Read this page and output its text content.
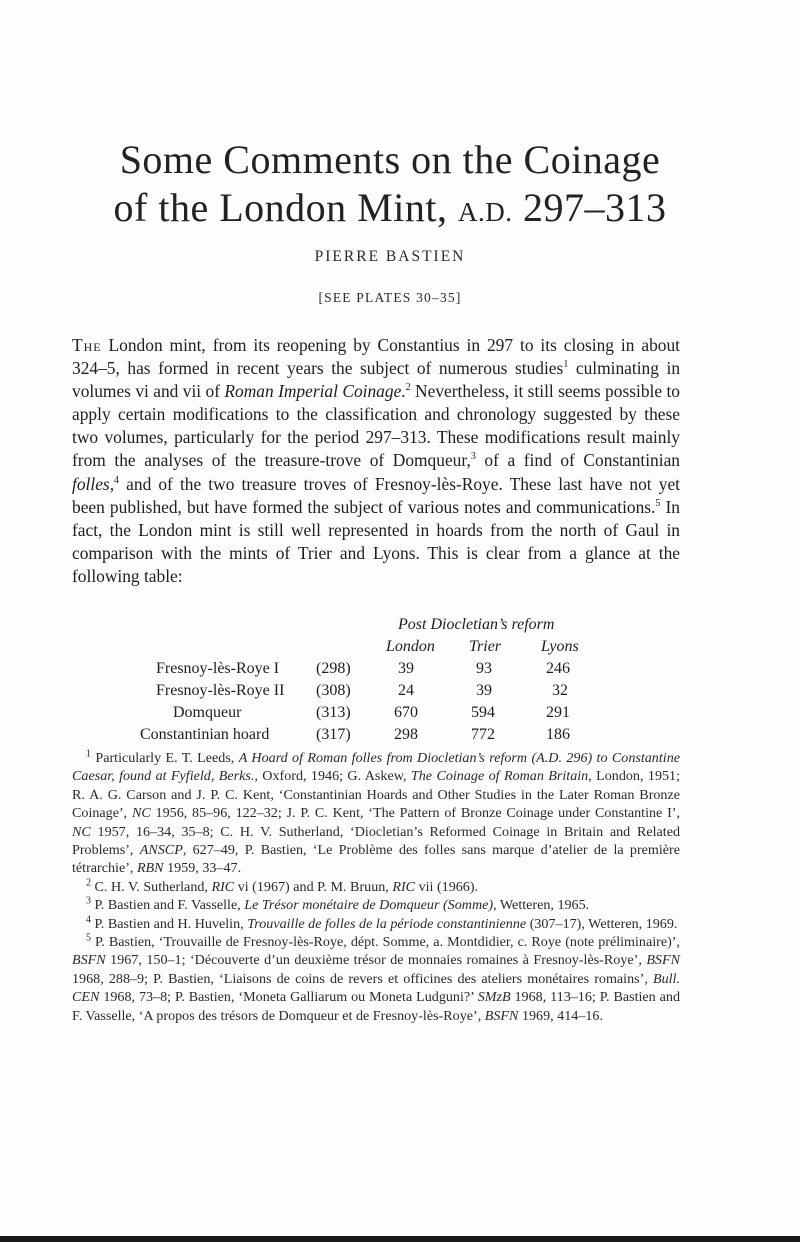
Some Comments on the Coinage
of the London Mint, A.D. 297–313
PIERRE BASTIEN
[SEE PLATES 30–35]
The London mint, from its reopening by Constantius in 297 to its closing in about 324–5, has formed in recent years the subject of numerous studies$^1$ culminating in volumes vi and vii of Roman Imperial Coinage.$^2$ Nevertheless, it still seems possible to apply certain modifications to the classification and chronology suggested by these two volumes, particularly for the period 297–313. These modifications result mainly from the analyses of the treasure-trove of Domqueur,$^3$ of a find of Constantinian folles,$^4$ and of the two treasure troves of Fresnoy-lès-Roye. These last have not yet been published, but have formed the subject of various notes and communications.$^5$ In fact, the London mint is still well represented in hoards from the north of Gaul in comparison with the mints of Trier and Lyons. This is clear from a glance at the following table:
Post Diocletian’s reform
London Trier Lyons
Fresnoy-lès-Roye I (298)	39	93	246
Fresnoy-lès-Roye II (308)	24	39	32
Domqueur	(313)	670	594	291
Constantinian hoard	(317)	298	772	186

$^1$ Particularly E. T. Leeds, A Hoard of Roman folles from Diocletian’s reform (A.D. 296) to Constantine Caesar, found at Fyfield, Berks., Oxford, 1946; G. Askew, The Coinage of Roman Britain, London, 1951; R. A. G. Carson and J. P. C. Kent, ‘Constantinian Hoards and Other Studies in the Later Roman Bronze Coinage’, NC 1956, 85–96, 122–32; J. P. C. Kent, ‘The Pattern of Bronze Coinage under Constantine I’, NC 1957, 16–34, 35–8; C. H. V. Sutherland, ‘Diocletian’s Reformed Coinage in Britain and Related Problems’, ANSCP, 627–49, P. Bastien, ‘Le Problème des folles sans marque d’atelier de la première tétrarchie’, RBN 1959, 33–47.

$^2$ C. H. V. Sutherland, RIC vi (1967) and P. M. Bruun, RIC vii (1966).

$^3$ P. Bastien and F. Vasselle, Le Trésor monétaire de Domqueur (Somme), Wetteren, 1965.

$^4$ P. Bastien and H. Huvelin, Trouvaille de folles de la période constantinienne (307–17), Wetteren, 1969.

$^5$ P. Bastien, ‘Trouvaille de Fresnoy-lès-Roye, dépt. Somme, a. Montdidier, c. Roye (note préliminaire)’, BSFN 1967, 150–1; ‘Découverte d’un deuxième trésor de monnaies romaines à Fresnoy-lès-Roye’, BSFN 1968, 288–9; P. Bastien, ‘Liaisons de coins de revers et officines des ateliers monétaires romains’, Bull. CEN 1968, 73–8; P. Bastien, ‘Moneta Galliarum ou Moneta Ludguni?’ SMzB 1968, 113–16; P. Bastien and F. Vasselle, ‘A propos des trésors de Domqueur et de Fresnoy-lès-Roye’, BSFN 1969, 414–16.
